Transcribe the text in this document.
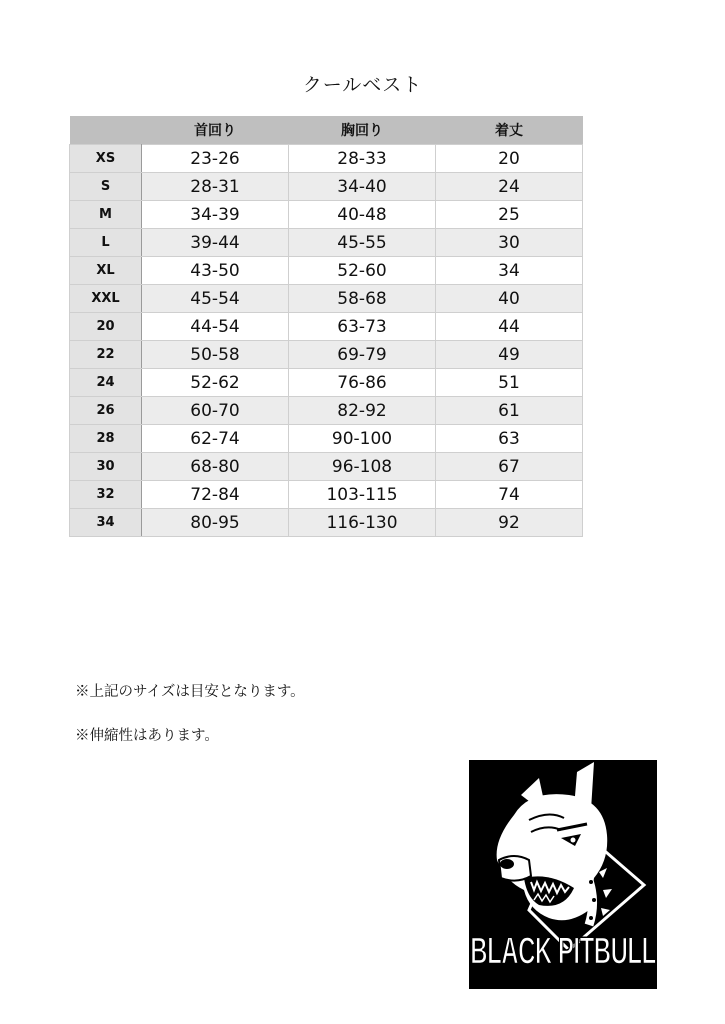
クールベスト
	首回り	胸回り	着丈
XS	23-26	28-33	20
S	28-31	34-40	24
M	34-39	40-48	25
L	39-44	45-55	30
XL	43-50	52-60	34
XXL	45-54	58-68	40
20	44-54	63-73	44
22	50-58	69-79	49
24	52-62	76-86	51
26	60-70	82-92	61
28	62-74	90-100	63
30	68-80	96-108	67
32	72-84	103-115	74
34	80-95	116-130	92
※上記のサイズは目安となります。
※伸縮性はあります。
BLACK PITBULL
